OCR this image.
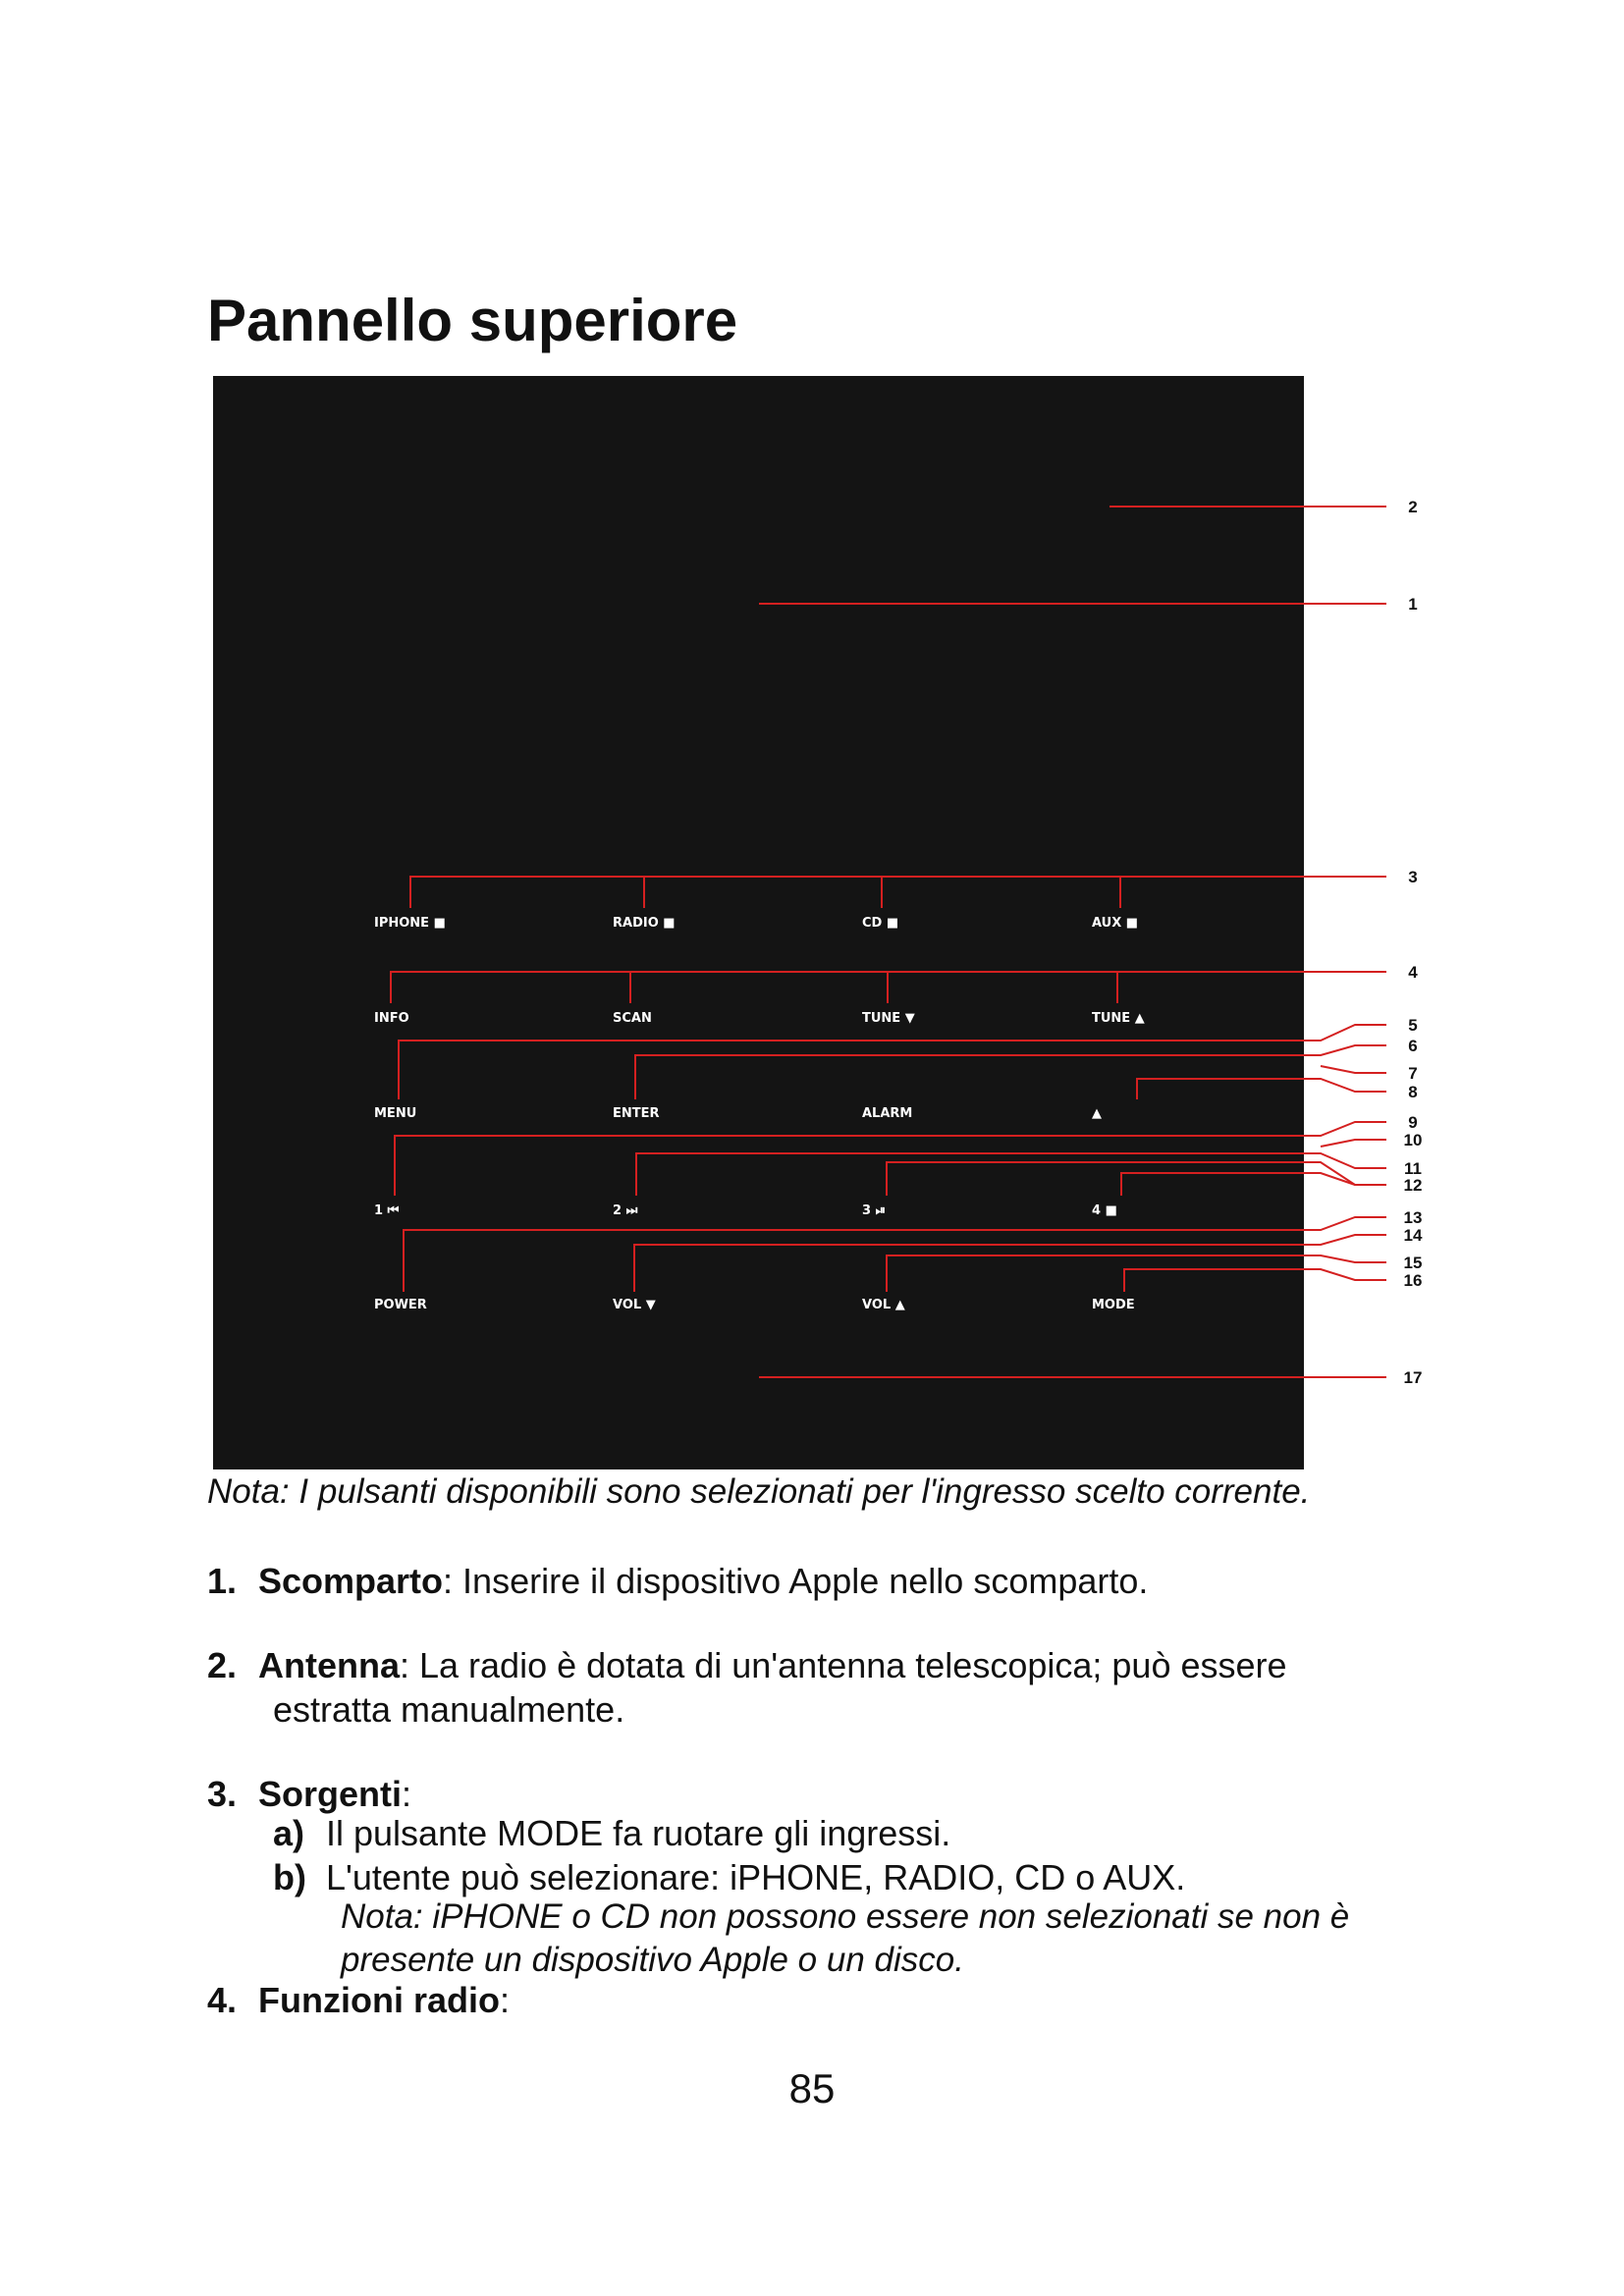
Pannello superiore
IPHONE ■	RADIO ■	CD ■	AUX ■
INFO	SCAN	TUNE ▼	TUNE ▲
MENU	ENTER	ALARM	▲
1 ⏮	2 ⏭	3 ⏯	4 ■
POWER	VOL ▼	VOL ▲	MODE
2
1
3
4
5
6
7
8
9
10
11
12
13
14
15
16
17

Nota: I pulsanti disponibili sono selezionati per l'ingresso scelto corrente.

1. Scomparto: Inserire il dispositivo Apple nello scomparto.

2. Antenna: La radio è dotata di un'antenna telescopica; può essere

estratta manualmente.

3. Sorgenti:

a) Il pulsante MODE fa ruotare gli ingressi.

b) L'utente può selezionare: iPHONE, RADIO, CD o AUX.

Nota: iPHONE o CD non possono essere non selezionati se non è

presente un dispositivo Apple o un disco.

4. Funzioni radio:

85
